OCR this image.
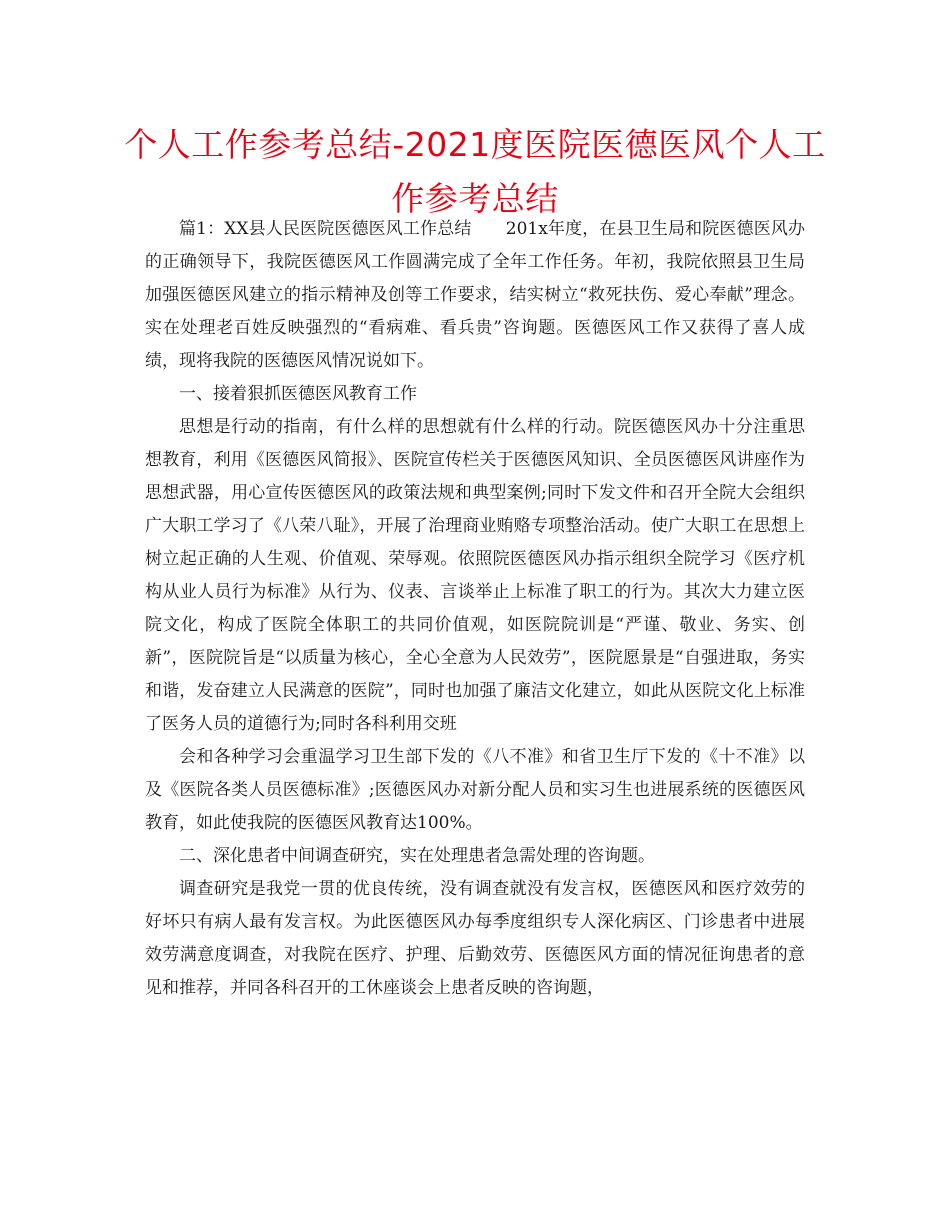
个人工作参考总结-2021度医院医德医风个人工作参考总结

篇1：XX县人民医院医德医风工作总结　　201x年度，在县卫生局和院医德医风办的正确领导下，我院医德医风工作圆满完成了全年工作任务。年初，我院依照县卫生局加强医德医风建立的指示精神及创等工作要求，结实树立“救死扶伤、爱心奉献”理念。实在处理老百姓反映强烈的“看病难、看兵贵”咨询题。医德医风工作又获得了喜人成绩，现将我院的医德医风情况说如下。

一、接着狠抓医德医风教育工作

思想是行动的指南，有什么样的思想就有什么样的行动。院医德医风办十分注重思想教育，利用《医德医风简报》、医院宣传栏关于医德医风知识、全员医德医风讲座作为思想武器，用心宣传医德医风的政策法规和典型案例;同时下发文件和召开全院大会组织广大职工学习了《八荣八耻》，开展了治理商业贿赂专项整治活动。使广大职工在思想上树立起正确的人生观、价值观、荣辱观。依照院医德医风办指示组织全院学习《医疗机构从业人员行为标准》从行为、仪表、言谈举止上标准了职工的行为。其次大力建立医院文化，构成了医院全体职工的共同价值观，如医院院训是“严谨、敬业、务实、创新”，医院院旨是“以质量为核心，全心全意为人民效劳”，医院愿景是“自强进取，务实和谐，发奋建立人民满意的医院”，同时也加强了廉洁文化建立，如此从医院文化上标准了医务人员的道德行为;同时各科利用交班

会和各种学习会重温学习卫生部下发的《八不准》和省卫生厅下发的《十不准》以及《医院各类人员医德标准》;医德医风办对新分配人员和实习生也进展系统的医德医风教育，如此使我院的医德医风教育达100%。

二、深化患者中间调查研究，实在处理患者急需处理的咨询题。

调查研究是我党一贯的优良传统，没有调查就没有发言权，医德医风和医疗效劳的好坏只有病人最有发言权。为此医德医风办每季度组织专人深化病区、门诊患者中进展效劳满意度调查，对我院在医疗、护理、后勤效劳、医德医风方面的情况征询患者的意见和推荐，并同各科召开的工休座谈会上患者反映的咨询题，
